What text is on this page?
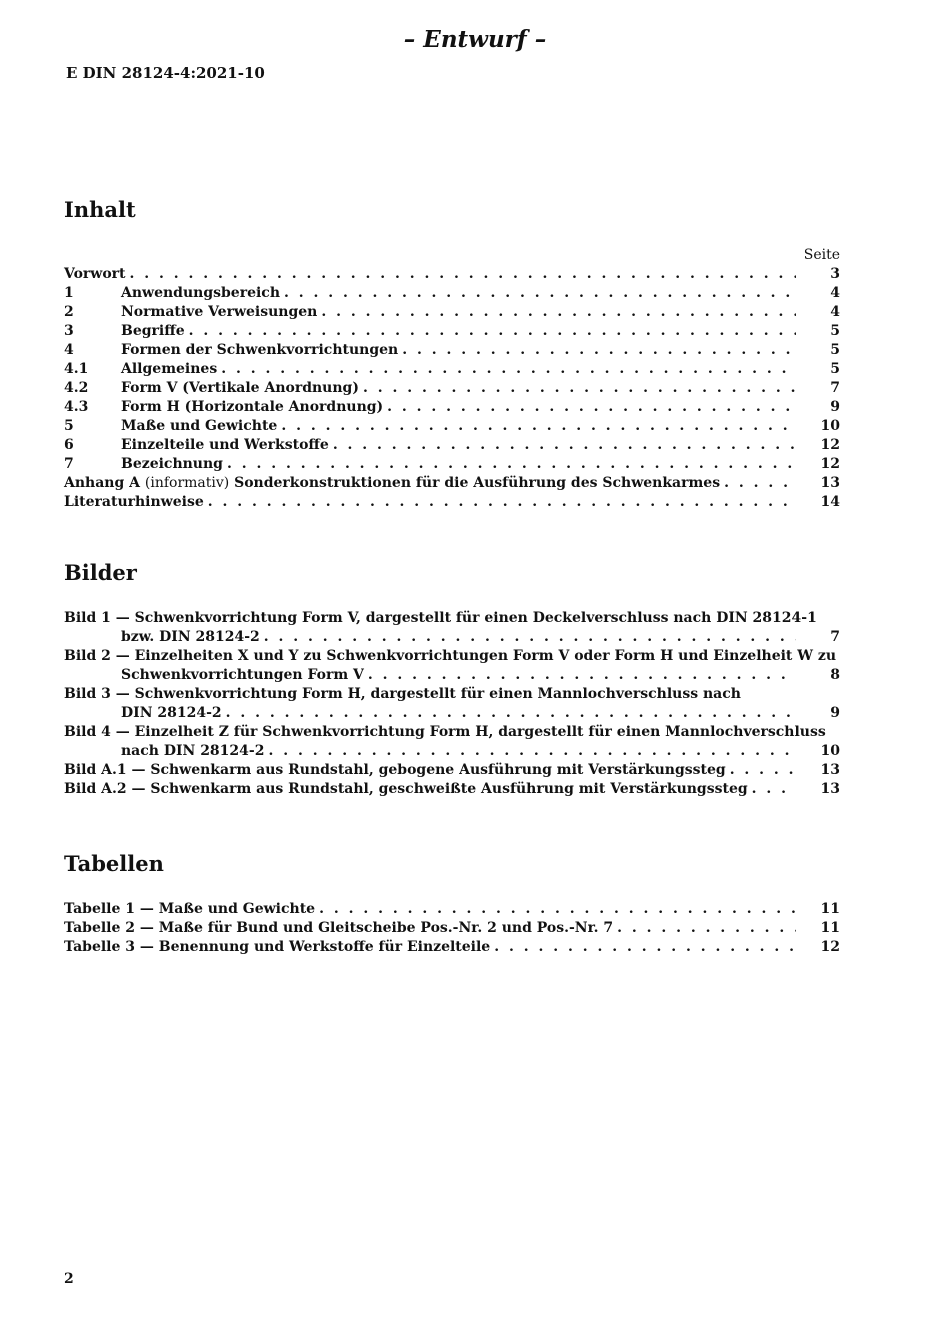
– Entwurf –
E DIN 28124-4:2021-10
Inhalt
Seite
Vorwort . . .	3
1	Anwendungsbereich . . .	4
2	Normative Verweisungen . . .	4
3	Begriffe . . .	5
4	Formen der Schwenkvorrichtungen . . .	5
4.1	Allgemeines . . .	5
4.2	Form V (Vertikale Anordnung) . . .	7
4.3	Form H (Horizontale Anordnung) . . .	9
5	Maße und Gewichte . . .	10
6	Einzelteile und Werkstoffe . . .	12
7	Bezeichnung . . .	12
Anhang A (informativ) Sonderkonstruktionen für die Ausführung des Schwenkarmes . . .	13
Literaturhinweise . . .	14
Bilder
Bild 1 — Schwenkvorrichtung Form V, dargestellt für einen Deckelverschluss nach DIN 28124-1
bzw. DIN 28124-2 . . .	7
Bild 2 — Einzelheiten X und Y zu Schwenkvorrichtungen Form V oder Form H und Einzelheit W zu
Schwenkvorrichtungen Form V . . .	8
Bild 3 — Schwenkvorrichtung Form H, dargestellt für einen Mannlochverschluss nach
DIN 28124-2 . . .	9
Bild 4 — Einzelheit Z für Schwenkvorrichtung Form H, dargestellt für einen Mannlochverschluss
nach DIN 28124-2 . . .	10
Bild A.1 — Schwenkarm aus Rundstahl, gebogene Ausführung mit Verstärkungssteg . . .	13
Bild A.2 — Schwenkarm aus Rundstahl, geschweißte Ausführung mit Verstärkungssteg . . .	13
Tabellen
Tabelle 1 — Maße und Gewichte . . .	11
Tabelle 2 — Maße für Bund und Gleitscheibe Pos.-Nr. 2 und Pos.-Nr. 7 . . .	11
Tabelle 3 — Benennung und Werkstoffe für Einzelteile . . .	12
2
